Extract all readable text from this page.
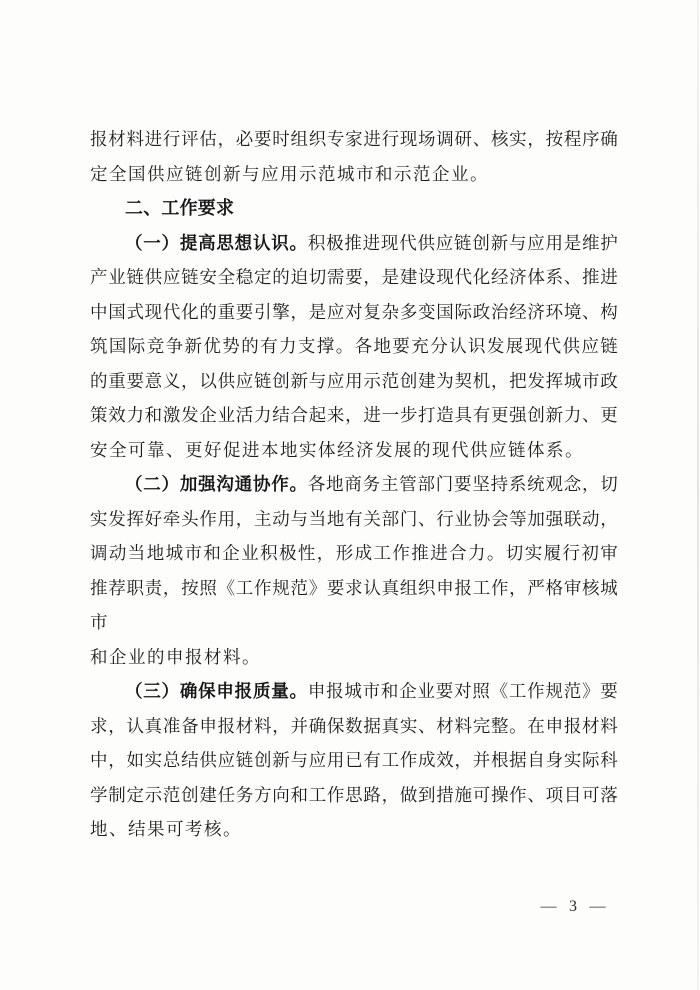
报材料进行评估，必要时组织专家进行现场调研、核实，按程序确
定全国供应链创新与应用示范城市和示范企业。
二、工作要求
（一）提高思想认识。积极推进现代供应链创新与应用是维护
产业链供应链安全稳定的迫切需要，是建设现代化经济体系、推进
中国式现代化的重要引擎，是应对复杂多变国际政治经济环境、构
筑国际竞争新优势的有力支撑。各地要充分认识发展现代供应链
的重要意义，以供应链创新与应用示范创建为契机，把发挥城市政
策效力和激发企业活力结合起来，进一步打造具有更强创新力、更
安全可靠、更好促进本地实体经济发展的现代供应链体系。
（二）加强沟通协作。各地商务主管部门要坚持系统观念，切
实发挥好牵头作用，主动与当地有关部门、行业协会等加强联动，
调动当地城市和企业积极性，形成工作推进合力。切实履行初审
推荐职责，按照《工作规范》要求认真组织申报工作，严格审核城市
和企业的申报材料。
（三）确保申报质量。申报城市和企业要对照《工作规范》要
求，认真准备申报材料，并确保数据真实、材料完整。在申报材料
中，如实总结供应链创新与应用已有工作成效，并根据自身实际科
学制定示范创建任务方向和工作思路，做到措施可操作、项目可落
地、结果可考核。
— 3 —
